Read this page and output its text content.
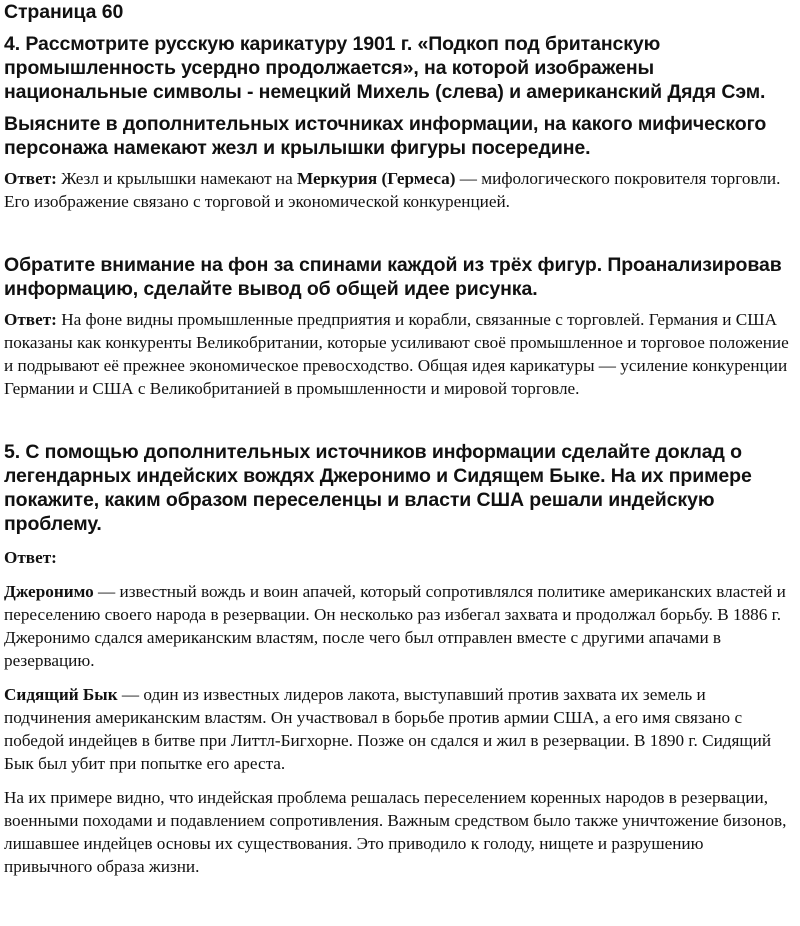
Страница 60

4. Рассмотрите русскую карикатуру 1901 г. «Подкоп под британскую промышленность усердно продолжается», на которой изображены национальные символы - немецкий Михель (слева) и американский Дядя Сэм.

Выясните в дополнительных источниках информации, на какого мифического персонажа намекают жезл и крылышки фигуры посередине.

Ответ: Жезл и крылышки намекают на Меркурия (Гермеса) — мифологического покровителя торговли. Его изображение связано с торговой и экономической конкуренцией.

Обратите внимание на фон за спинами каждой из трёх фигур. Проанализировав информацию, сделайте вывод об общей идее рисунка.

Ответ: На фоне видны промышленные предприятия и корабли, связанные с торговлей. Германия и США показаны как конкуренты Великобритании, которые усиливают своё промышленное и торговое положение и подрывают её прежнее экономическое превосходство. Общая идея карикатуры — усиление конкуренции Германии и США с Великобританией в промышленности и мировой торговле.

5. С помощью дополнительных источников информации сделайте доклад о легендарных индейских вождях Джеронимо и Сидящем Быке. На их примере покажите, каким образом переселенцы и власти США решали индейскую проблему.

Ответ:

Джеронимо — известный вождь и воин апачей, который сопротивлялся политике американских властей и переселению своего народа в резервации. Он несколько раз избегал захвата и продолжал борьбу. В 1886 г. Джеронимо сдался американским властям, после чего был отправлен вместе с другими апачами в резервацию.

Сидящий Бык — один из известных лидеров лакота, выступавший против захвата их земель и подчинения американским властям. Он участвовал в борьбе против армии США, а его имя связано с победой индейцев в битве при Литтл-Бигхорне. Позже он сдался и жил в резервации. В 1890 г. Сидящий Бык был убит при попытке его ареста.

На их примере видно, что индейская проблема решалась переселением коренных народов в резервации, военными походами и подавлением сопротивления. Важным средством было также уничтожение бизонов, лишавшее индейцев основы их существования. Это приводило к голоду, нищете и разрушению привычного образа жизни.
